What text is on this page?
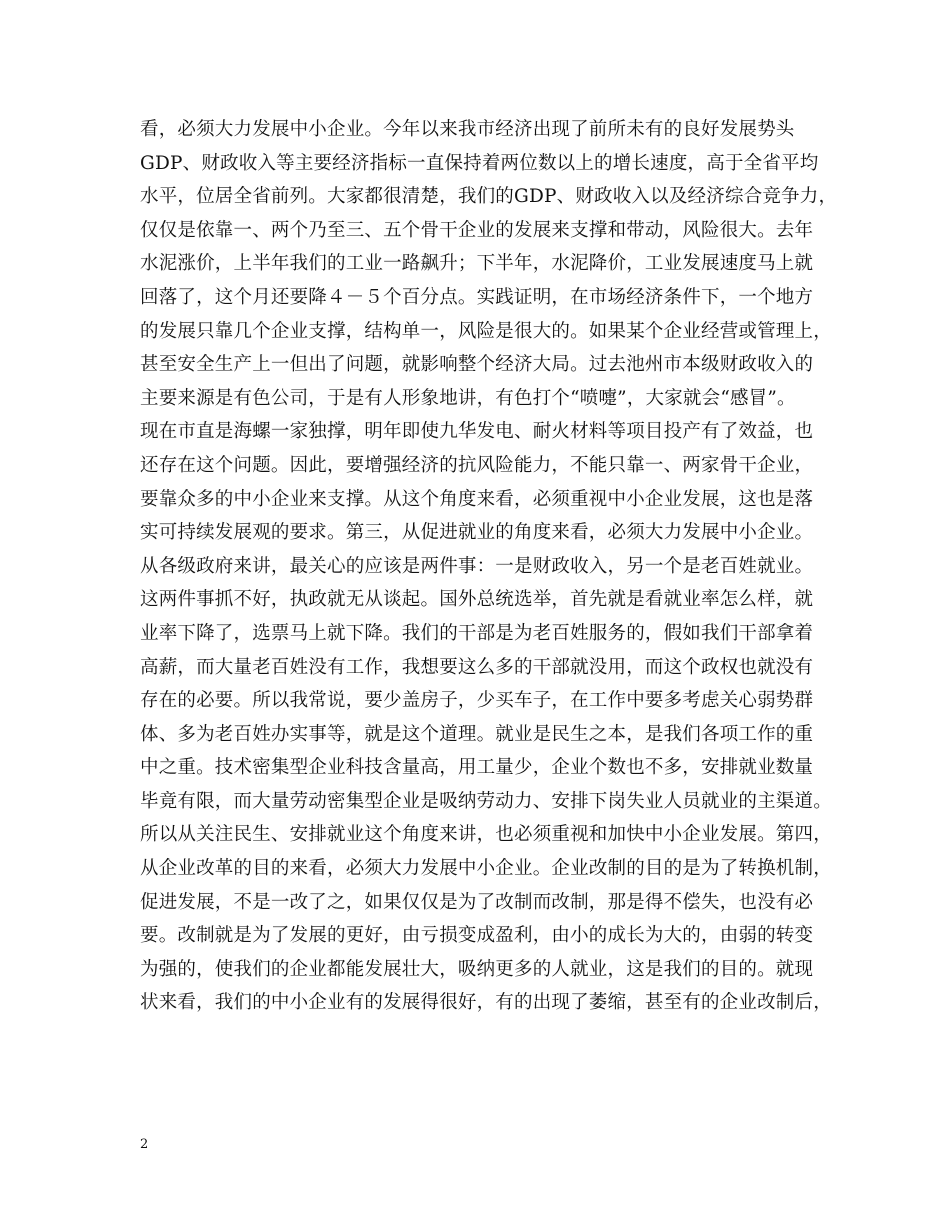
看，必须大力发展中小企业。今年以来我市经济出现了前所未有的良好发展势头
GDP、财政收入等主要经济指标一直保持着两位数以上的增长速度，高于全省平均
水平，位居全省前列。大家都很清楚，我们的GDP、财政收入以及经济综合竞争力，
仅仅是依靠一、两个乃至三、五个骨干企业的发展来支撑和带动，风险很大。去年
水泥涨价，上半年我们的工业一路飙升；下半年，水泥降价，工业发展速度马上就
回落了，这个月还要降４－５个百分点。实践证明，在市场经济条件下，一个地方
的发展只靠几个企业支撑，结构单一，风险是很大的。如果某个企业经营或管理上，
甚至安全生产上一但出了问题，就影响整个经济大局。过去池州市本级财政收入的
主要来源是有色公司，于是有人形象地讲，有色打个“喷嚏”，大家就会“感冒”。
现在市直是海螺一家独撑，明年即使九华发电、耐火材料等项目投产有了效益，也
还存在这个问题。因此，要增强经济的抗风险能力，不能只靠一、两家骨干企业，
要靠众多的中小企业来支撑。从这个角度来看，必须重视中小企业发展，这也是落
实可持续发展观的要求。第三，从促进就业的角度来看，必须大力发展中小企业。
从各级政府来讲，最关心的应该是两件事：一是财政收入，另一个是老百姓就业。
这两件事抓不好，执政就无从谈起。国外总统选举，首先就是看就业率怎么样，就
业率下降了，选票马上就下降。我们的干部是为老百姓服务的，假如我们干部拿着
高薪，而大量老百姓没有工作，我想要这么多的干部就没用，而这个政权也就没有
存在的必要。所以我常说，要少盖房子，少买车子，在工作中要多考虑关心弱势群
体、多为老百姓办实事等，就是这个道理。就业是民生之本，是我们各项工作的重
中之重。技术密集型企业科技含量高，用工量少，企业个数也不多，安排就业数量
毕竟有限，而大量劳动密集型企业是吸纳劳动力、安排下岗失业人员就业的主渠道。
所以从关注民生、安排就业这个角度来讲，也必须重视和加快中小企业发展。第四，
从企业改革的目的来看，必须大力发展中小企业。企业改制的目的是为了转换机制，
促进发展，不是一改了之，如果仅仅是为了改制而改制，那是得不偿失，也没有必
要。改制就是为了发展的更好，由亏损变成盈利，由小的成长为大的，由弱的转变
为强的，使我们的企业都能发展壮大，吸纳更多的人就业，这是我们的目的。就现
状来看，我们的中小企业有的发展得很好，有的出现了萎缩，甚至有的企业改制后，
2
